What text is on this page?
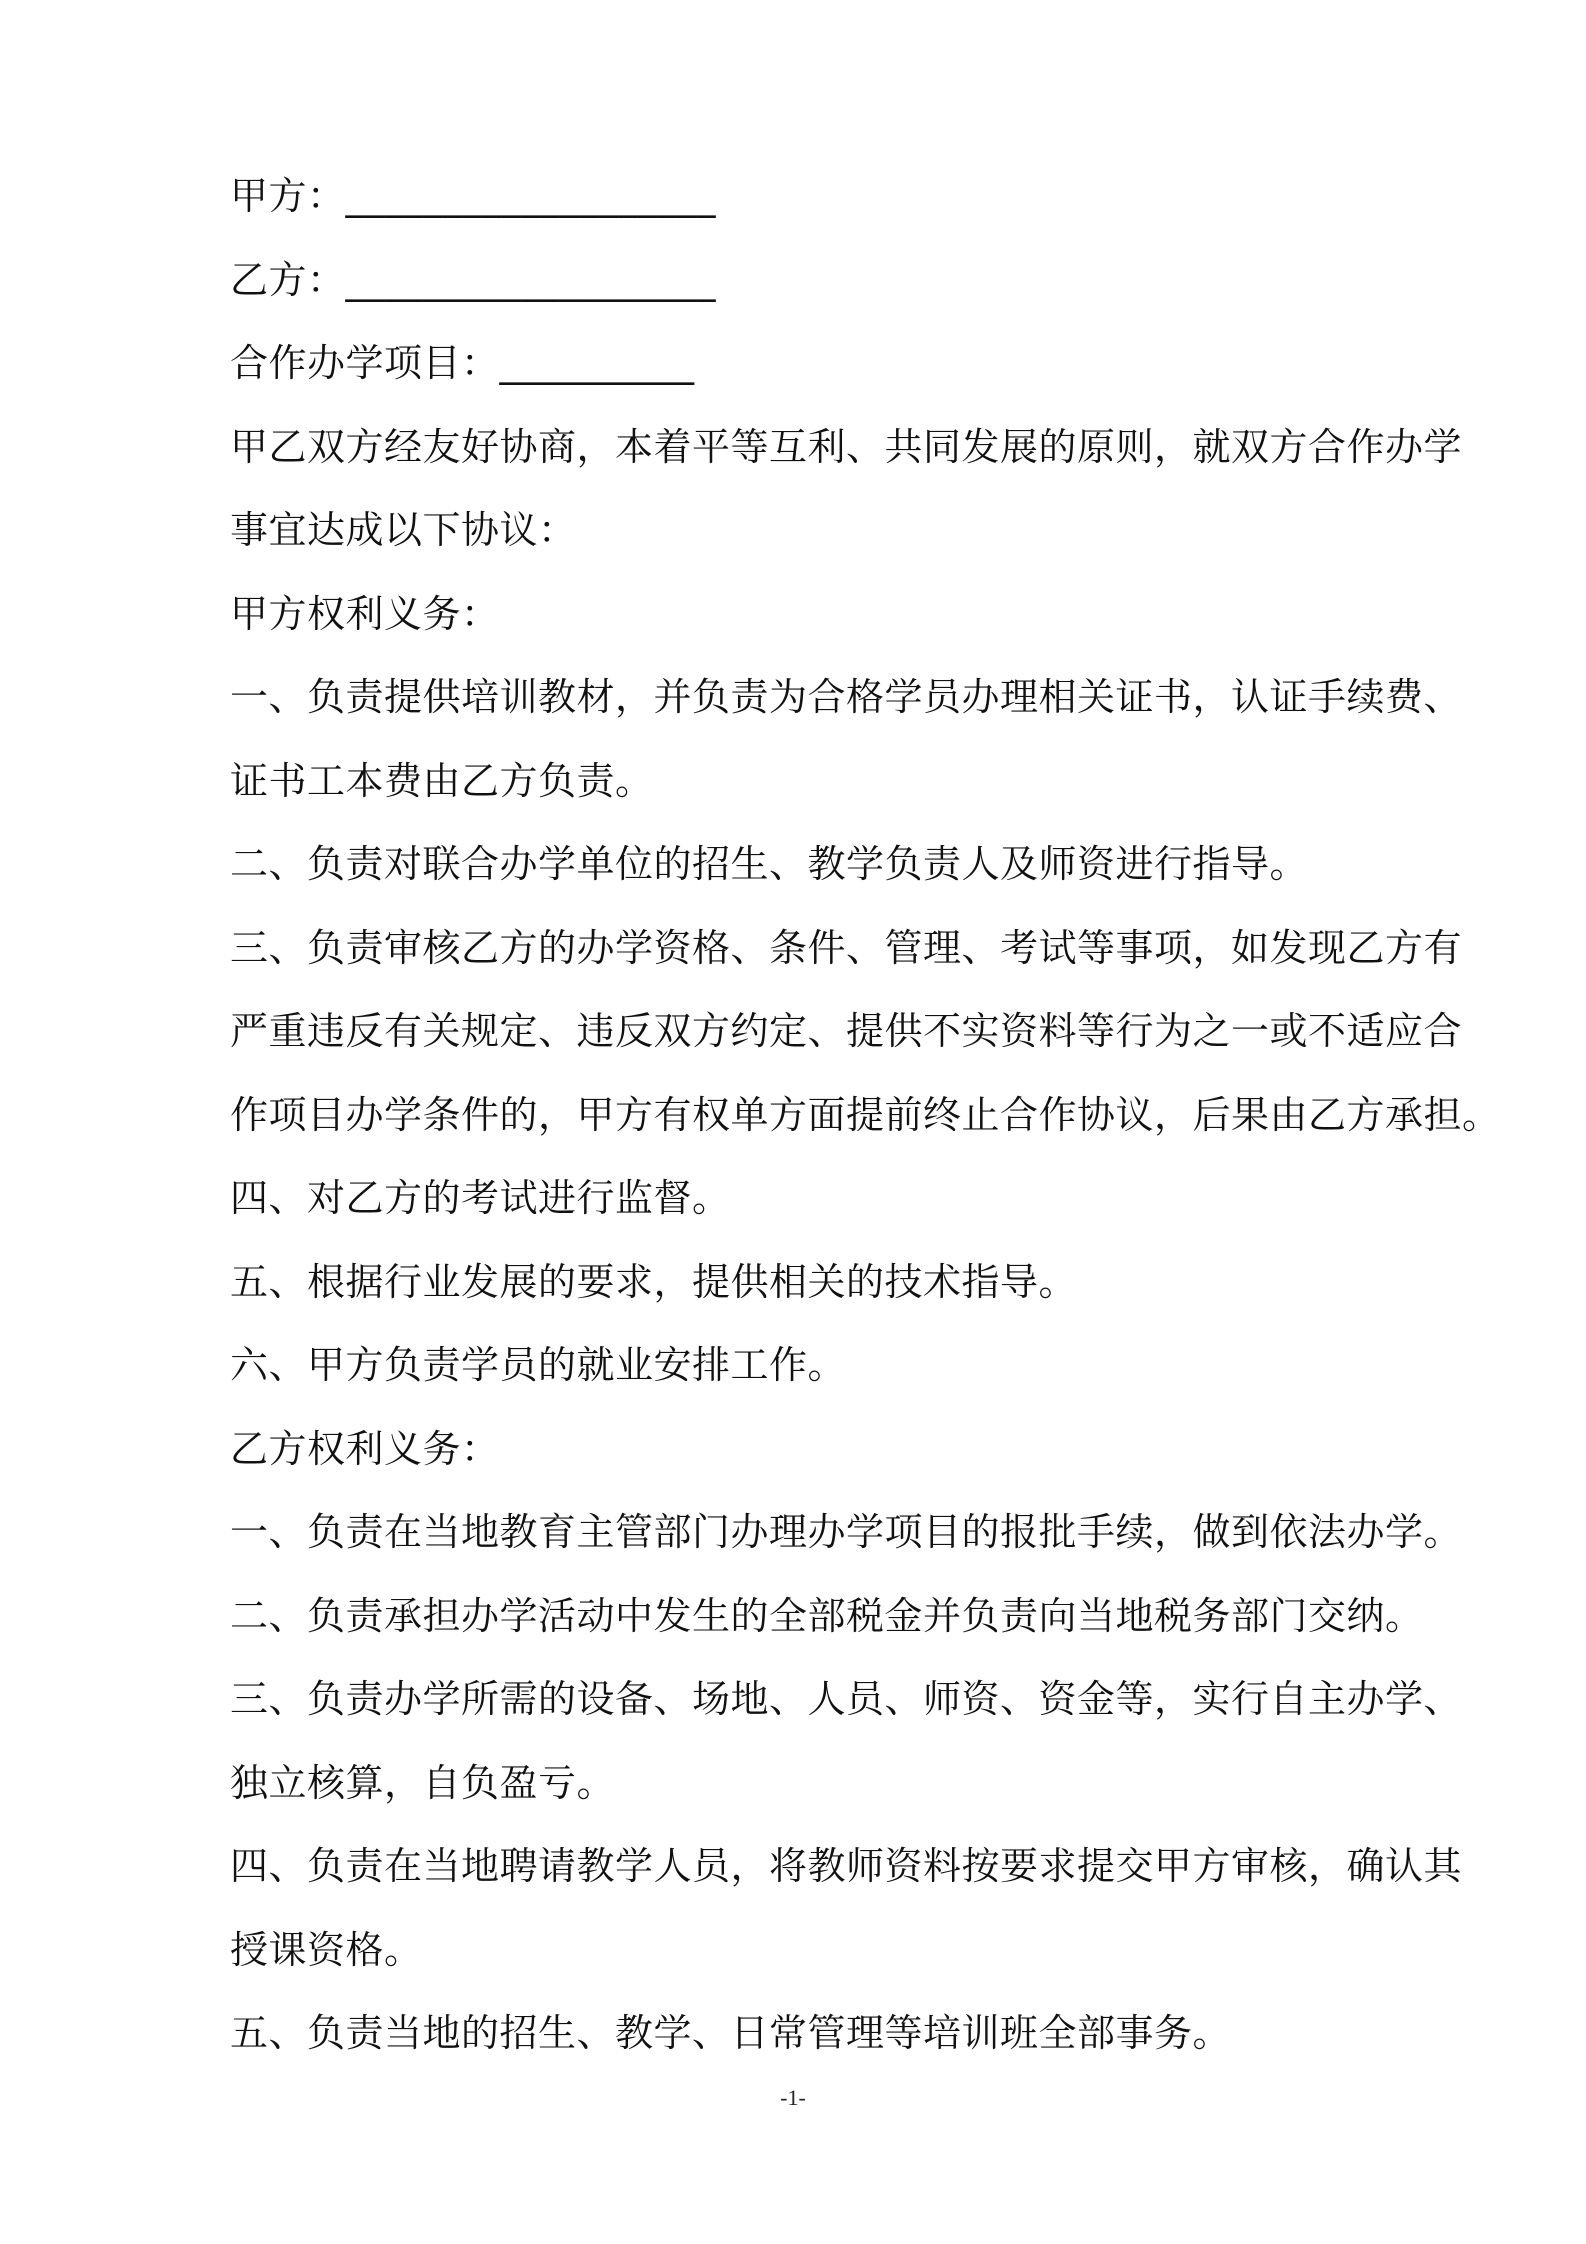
甲方：___________________
乙方：___________________
合作办学项目：__________
甲乙双方经友好协商，本着平等互利、共同发展的原则，就双方合作办学
事宜达成以下协议：
甲方权利义务：
一、负责提供培训教材，并负责为合格学员办理相关证书，认证手续费、
证书工本费由乙方负责。
二、负责对联合办学单位的招生、教学负责人及师资进行指导。
三、负责审核乙方的办学资格、条件、管理、考试等事项，如发现乙方有
严重违反有关规定、违反双方约定、提供不实资料等行为之一或不适应合
作项目办学条件的，甲方有权单方面提前终止合作协议，后果由乙方承担。
四、对乙方的考试进行监督。
五、根据行业发展的要求，提供相关的技术指导。
六、甲方负责学员的就业安排工作。
乙方权利义务：
一、负责在当地教育主管部门办理办学项目的报批手续，做到依法办学。
二、负责承担办学活动中发生的全部税金并负责向当地税务部门交纳。
三、负责办学所需的设备、场地、人员、师资、资金等，实行自主办学、
独立核算，自负盈亏。
四、负责在当地聘请教学人员，将教师资料按要求提交甲方审核，确认其
授课资格。
五、负责当地的招生、教学、日常管理等培训班全部事务。
-1-
